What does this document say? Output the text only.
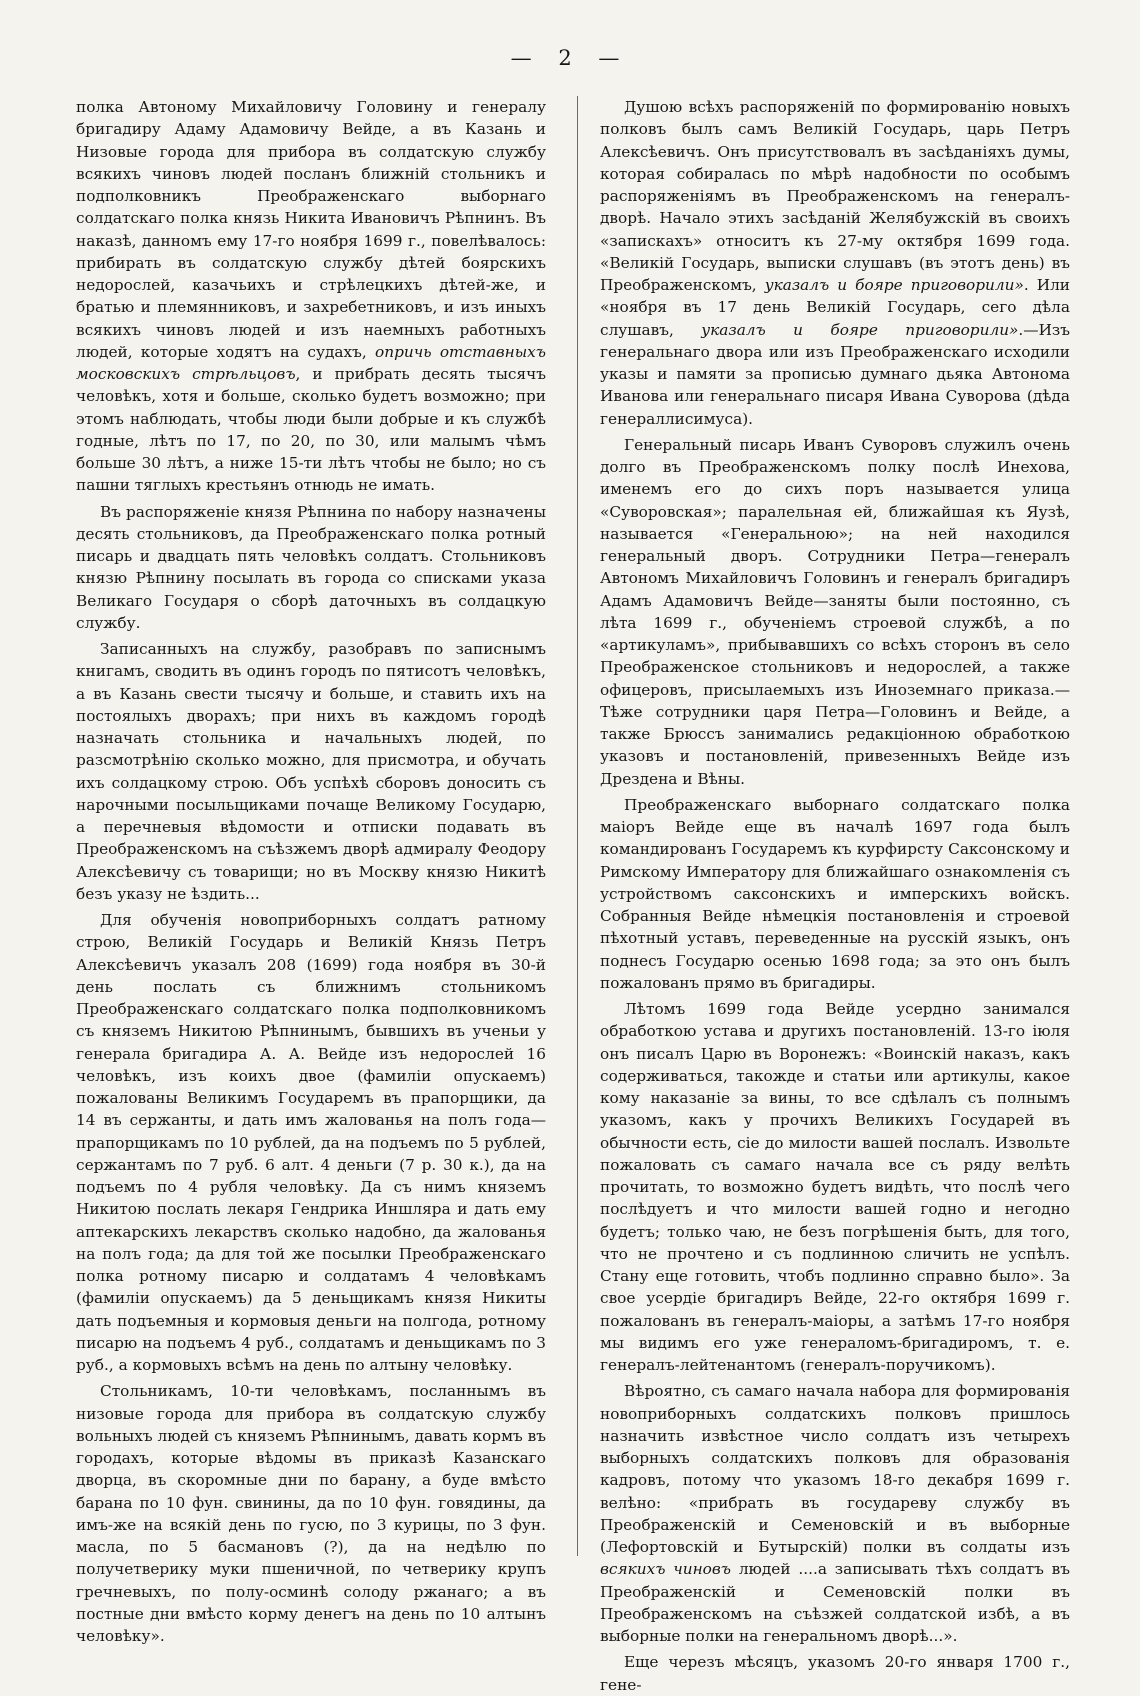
— 2 —

полка Автоному Михайловичу Головину и генералу бригадиру Адаму Адамовичу Вейде, а въ Казань и Низовые города для прибора въ солдатскую службу всякихъ чиновъ людей посланъ ближній стольникъ и подполковникъ Преображенскаго выборнаго солдатскаго полка князь Никита Ивановичъ Рѣпнинъ. Въ наказѣ, данномъ ему 17-го ноября 1699 г., повелѣвалось: прибирать въ солдатскую службу дѣтей боярскихъ недорослей, казачьихъ и стрѣлецкихъ дѣтей-же, и братью и племянниковъ, и захребетниковъ, и изъ иныхъ всякихъ чиновъ людей и изъ наемныхъ работныхъ людей, которые ходятъ на судахъ, опричь отставныхъ московскихъ стрѣльцовъ, и прибрать десять тысячъ человѣкъ, хотя и больше, сколько будетъ возможно; при этомъ наблюдать, чтобы люди были добрые и къ службѣ годные, лѣтъ по 17, по 20, по 30, или малымъ чѣмъ больше 30 лѣтъ, а ниже 15-ти лѣтъ чтобы не было; но съ пашни тяглыхъ крестьянъ отнюдь не имать.

Въ распоряженіе князя Рѣпнина по набору назначены десять стольниковъ, да Преображенскаго полка ротный писарь и двадцать пять человѣкъ солдатъ. Стольниковъ князю Рѣпнину посылать въ города со списками указа Великаго Государя о сборѣ даточныхъ въ солдацкую службу.

Записанныхъ на службу, разобравъ по записнымъ книгамъ, сводить въ одинъ городъ по пятисотъ человѣкъ, а въ Казань свести тысячу и больше, и ставить ихъ на постоялыхъ дворахъ; при нихъ въ каждомъ городѣ назначать стольника и начальныхъ людей, по разсмотрѣнію сколько можно, для присмотра, и обучать ихъ солдацкому строю. Объ успѣхѣ сборовъ доносить съ нарочными посыльщиками почаще Великому Государю, а перечневыя вѣдомости и отписки подавать въ Преображенскомъ на съѣзжемъ дворѣ адмиралу Феодору Алексѣевичу съ товарищи; но въ Москву князю Никитѣ безъ указу не ѣздить...

Для обученія новоприборныхъ солдатъ ратному строю, Великій Государь и Великій Князь Петръ Алексѣевичъ указалъ 208 (1699) года ноября въ 30-й день послать съ ближнимъ стольникомъ Преображенскаго солдатскаго полка подполковникомъ съ княземъ Никитою Рѣпнинымъ, бывшихъ въ ученьи у генерала бригадира А. А. Вейде изъ недорослей 16 человѣкъ, изъ коихъ двое (фамиліи опускаемъ) пожалованы Великимъ Государемъ въ прапорщики, да 14 въ сержанты, и дать имъ жалованья на полъ года—прапорщикамъ по 10 рублей, да на подъемъ по 5 рублей, сержантамъ по 7 руб. 6 алт. 4 деньги (7 р. 30 к.), да на подъемъ по 4 рубля человѣку. Да съ нимъ княземъ Никитою послать лекаря Гендрика Иншляра и дать ему аптекарскихъ лекарствъ сколько надобно, да жалованья на полъ года; да для той же посылки Преображенскаго полка ротному писарю и солдатамъ 4 человѣкамъ (фамиліи опускаемъ) да 5 деньщикамъ князя Никиты дать подъемныя и кормовыя деньги на полгода, ротному писарю на подъемъ 4 руб., солдатамъ и деньщикамъ по 3 руб., а кормовыхъ всѣмъ на день по алтыну человѣку.

Стольникамъ, 10-ти человѣкамъ, посланнымъ въ низовые города для прибора въ солдатскую службу вольныхъ людей съ княземъ Рѣпнинымъ, давать кормъ въ городахъ, которые вѣдомы въ приказѣ Казанскаго дворца, въ скоромные дни по барану, а буде вмѣсто барана по 10 фун. свинины, да по 10 фун. говядины, да имъ-же на всякій день по гусю, по 3 курицы, по 3 фун. масла, по 5 басмановъ (?), да на недѣлю по получетверику муки пшеничной, по четверику крупъ гречневыхъ, по полу-осминѣ солоду ржанаго; а въ постные дни вмѣсто корму денегъ на день по 10 алтынъ человѣку».

Душою всѣхъ распоряженій по формированію новыхъ полковъ былъ самъ Великій Государь, царь Петръ Алексѣевичъ. Онъ присутствовалъ въ засѣданіяхъ думы, которая собиралась по мѣрѣ надобности по особымъ распоряженіямъ въ Преображенскомъ на генералъ-дворѣ. Начало этихъ засѣданій Желябужскій въ своихъ «запискахъ» относитъ къ 27-му октября 1699 года. «Великій Государь, выписки слушавъ (въ этотъ день) въ Преображенскомъ, указалъ и бояре приговорили». Или «ноября въ 17 день Великій Государь, сего дѣла слушавъ, указалъ и бояре приговорили».—Изъ генеральнаго двора или изъ Преображенскаго исходили указы и памяти за прописью думнаго дьяка Автонома Иванова или генеральнаго писаря Ивана Суворова (дѣда генераллисимуса).

Генеральный писарь Иванъ Суворовъ служилъ очень долго въ Преображенскомъ полку послѣ Инехова, именемъ его до сихъ поръ называется улица «Суворовская»; паралельная ей, ближайшая къ Яузѣ, называется «Генеральною»; на ней находился генеральный дворъ. Сотрудники Петра—генералъ Автономъ Михайловичъ Головинъ и генералъ бригадиръ Адамъ Адамовичъ Вейде—заняты были постоянно, съ лѣта 1699 г., обученіемъ строевой службѣ, а по «артикуламъ», прибывавшихъ со всѣхъ сторонъ въ село Преображенское стольниковъ и недорослей, а также офицеровъ, присылаемыхъ изъ Иноземнаго приказа.—Тѣже сотрудники царя Петра—Головинъ и Вейде, а также Брюссъ занимались редакціонною обработкою указовъ и постановленій, привезенныхъ Вейде изъ Дрездена и Вѣны.

Преображенскаго выборнаго солдатскаго полка маіоръ Вейде еще въ началѣ 1697 года былъ командированъ Государемъ къ курфирсту Саксонскому и Римскому Императору для ближайшаго ознакомленія съ устройствомъ саксонскихъ и имперскихъ войскъ. Собранныя Вейде нѣмецкія постановленія и строевой пѣхотный уставъ, переведенные на русскій языкъ, онъ поднесъ Государю осенью 1698 года; за это онъ былъ пожалованъ прямо въ бригадиры.

Лѣтомъ 1699 года Вейде усердно занимался обработкою устава и другихъ постановленій. 13-го іюля онъ писалъ Царю въ Воронежъ: «Воинскій наказъ, какъ содерживаться, такожде и статьи или артикулы, какое кому наказаніе за вины, то все сдѣлалъ съ полнымъ указомъ, какъ у прочихъ Великихъ Государей въ обычности есть, сіе до милости вашей послалъ. Извольте пожаловать съ самаго начала все съ ряду велѣть прочитать, то возможно будетъ видѣть, что послѣ чего послѣдуетъ и что милости вашей годно и негодно будетъ; только чаю, не безъ погрѣшенія быть, для того, что не прочтено и съ подлинною сличить не успѣлъ. Стану еще готовить, чтобъ подлинно справно было». За свое усердіе бригадиръ Вейде, 22-го октября 1699 г. пожалованъ въ генералъ-маіоры, а затѣмъ 17-го ноября мы видимъ его уже генераломъ-бригадиромъ, т. е. генералъ-лейтенантомъ (генералъ-поручикомъ).

Вѣроятно, съ самаго начала набора для формированія новоприборныхъ солдатскихъ полковъ пришлось назначить извѣстное число солдатъ изъ четырехъ выборныхъ солдатскихъ полковъ для образованія кадровъ, потому что указомъ 18-го декабря 1699 г. велѣно: «прибрать въ государеву службу въ Преображенскій и Семеновскій и въ выборные (Лефортовскій и Бутырскій) полки въ солдаты изъ всякихъ чиновъ людей ....а записывать тѣхъ солдатъ въ Преображенскій и Семеновскій полки въ Преображенскомъ на съѣзжей солдатской избѣ, а въ выборные полки на генеральномъ дворѣ...».

Еще черезъ мѣсяцъ, указомъ 20-го января 1700 г., гене-
